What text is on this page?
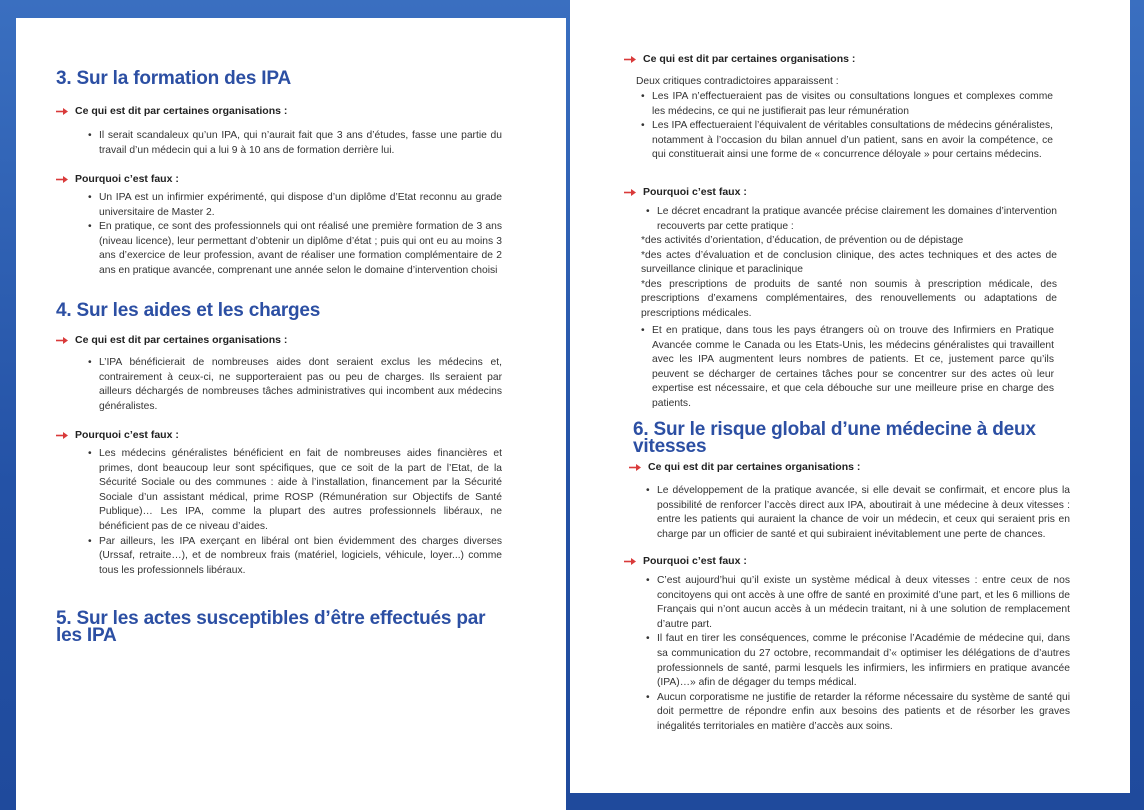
3. Sur la formation des IPA
Ce qui est dit par certaines organisations :
• Il serait scandaleux qu’un IPA, qui n’aurait fait que 3 ans d’études, fasse une partie du travail d’un médecin qui a lui 9 à 10 ans de formation derrière lui.
Pourquoi c’est faux :
• Un IPA est un infirmier expérimenté, qui dispose d’un diplôme d’Etat reconnu au grade universitaire de Master 2.
• En pratique, ce sont des professionnels qui ont réalisé une première formation de 3 ans (niveau licence), leur permettant d’obtenir un diplôme d’état ; puis qui ont eu au moins 3 ans d’exercice de leur profession, avant de réaliser une formation complémentaire de 2 ans en pratique avancée, comprenant une année selon le domaine d’intervention choisi
4. Sur les aides et les charges
Ce qui est dit par certaines organisations :
• L’IPA bénéficierait de nombreuses aides dont seraient exclus les médecins et, contrairement à ceux-ci, ne supporteraient pas ou peu de charges. Ils seraient par ailleurs déchargés de nombreuses tâches administratives qui incombent aux médecins généralistes.
Pourquoi c’est faux :
• Les médecins généralistes bénéficient en fait de nombreuses aides financières et primes, dont beaucoup leur sont spécifiques, que ce soit de la part de l’Etat, de la Sécurité Sociale ou des communes : aide à l’installation, financement par la Sécurité Sociale d’un assistant médical, prime ROSP (Rémunération sur Objectifs de Santé Publique)… Les IPA, comme la plupart des autres professionnels libéraux, ne bénéficient pas de ce niveau d’aides.
• Par ailleurs, les IPA exerçant en libéral ont bien évidemment des charges diverses (Urssaf, retraite…), et de nombreux frais (matériel, logiciels, véhicule, loyer...) comme tous les professionnels libéraux.
5. Sur les actes susceptibles d’être effectués par les IPA
Ce qui est dit par certaines organisations :
Deux critiques contradictoires apparaissent :
• Les IPA n’effectueraient pas de visites ou consultations longues et complexes comme les médecins, ce qui ne justifierait pas leur rémunération
• Les IPA effectueraient l’équivalent de véritables consultations de médecins généralistes, notamment à l’occasion du bilan annuel d’un patient, sans en avoir la compétence, ce qui constituerait ainsi une forme de « concurrence déloyale » pour certains médecins.
Pourquoi c’est faux :
• Le décret encadrant la pratique avancée précise clairement les domaines d’intervention recouverts par cette pratique :
*des activités d’orientation, d’éducation, de prévention ou de dépistage
*des actes d’évaluation et de conclusion clinique, des actes techniques et des actes de surveillance clinique et paraclinique
*des prescriptions de produits de santé non soumis à prescription médicale, des prescriptions d’examens complémentaires, des renouvellements ou adaptations de prescriptions médicales.
• Et en pratique, dans tous les pays étrangers où on trouve des Infirmiers en Pratique Avancée comme le Canada ou les Etats-Unis, les médecins généralistes qui travaillent avec les IPA augmentent leurs nombres de patients. Et ce, justement parce qu’ils peuvent se décharger de certaines tâches pour se concentrer sur des actes où leur expertise est nécessaire, et que cela débouche sur une meilleure prise en charge des patients.
6. Sur le risque global d’une médecine à deux vitesses
Ce qui est dit par certaines organisations :
• Le développement de la pratique avancée, si elle devait se confirmait, et encore plus la possibilité de renforcer l’accès direct aux IPA, aboutirait à une médecine à deux vitesses : entre les patients qui auraient la chance de voir un médecin, et ceux qui seraient pris en charge par un officier de santé et qui subiraient inévitablement une perte de chances.
Pourquoi c’est faux :
• C’est aujourd’hui qu’il existe un système médical à deux vitesses : entre ceux de nos concitoyens qui ont accès à une offre de santé en proximité d’une part, et les 6 millions de Français qui n’ont aucun accès à un médecin traitant, ni à une solution de remplacement d’autre part.
• Il faut en tirer les conséquences, comme le préconise l’Académie de médecine qui, dans sa communication du 27 octobre, recommandait d’« optimiser les délégations de d’autres professionnels de santé, parmi lesquels les infirmiers, les infirmiers en pratique avancée (IPA)…» afin de dégager du temps médical.
• Aucun corporatisme ne justifie de retarder la réforme nécessaire du système de santé qui doit permettre de répondre enfin aux besoins des patients et de résorber les graves inégalités territoriales en matière d’accès aux soins.
